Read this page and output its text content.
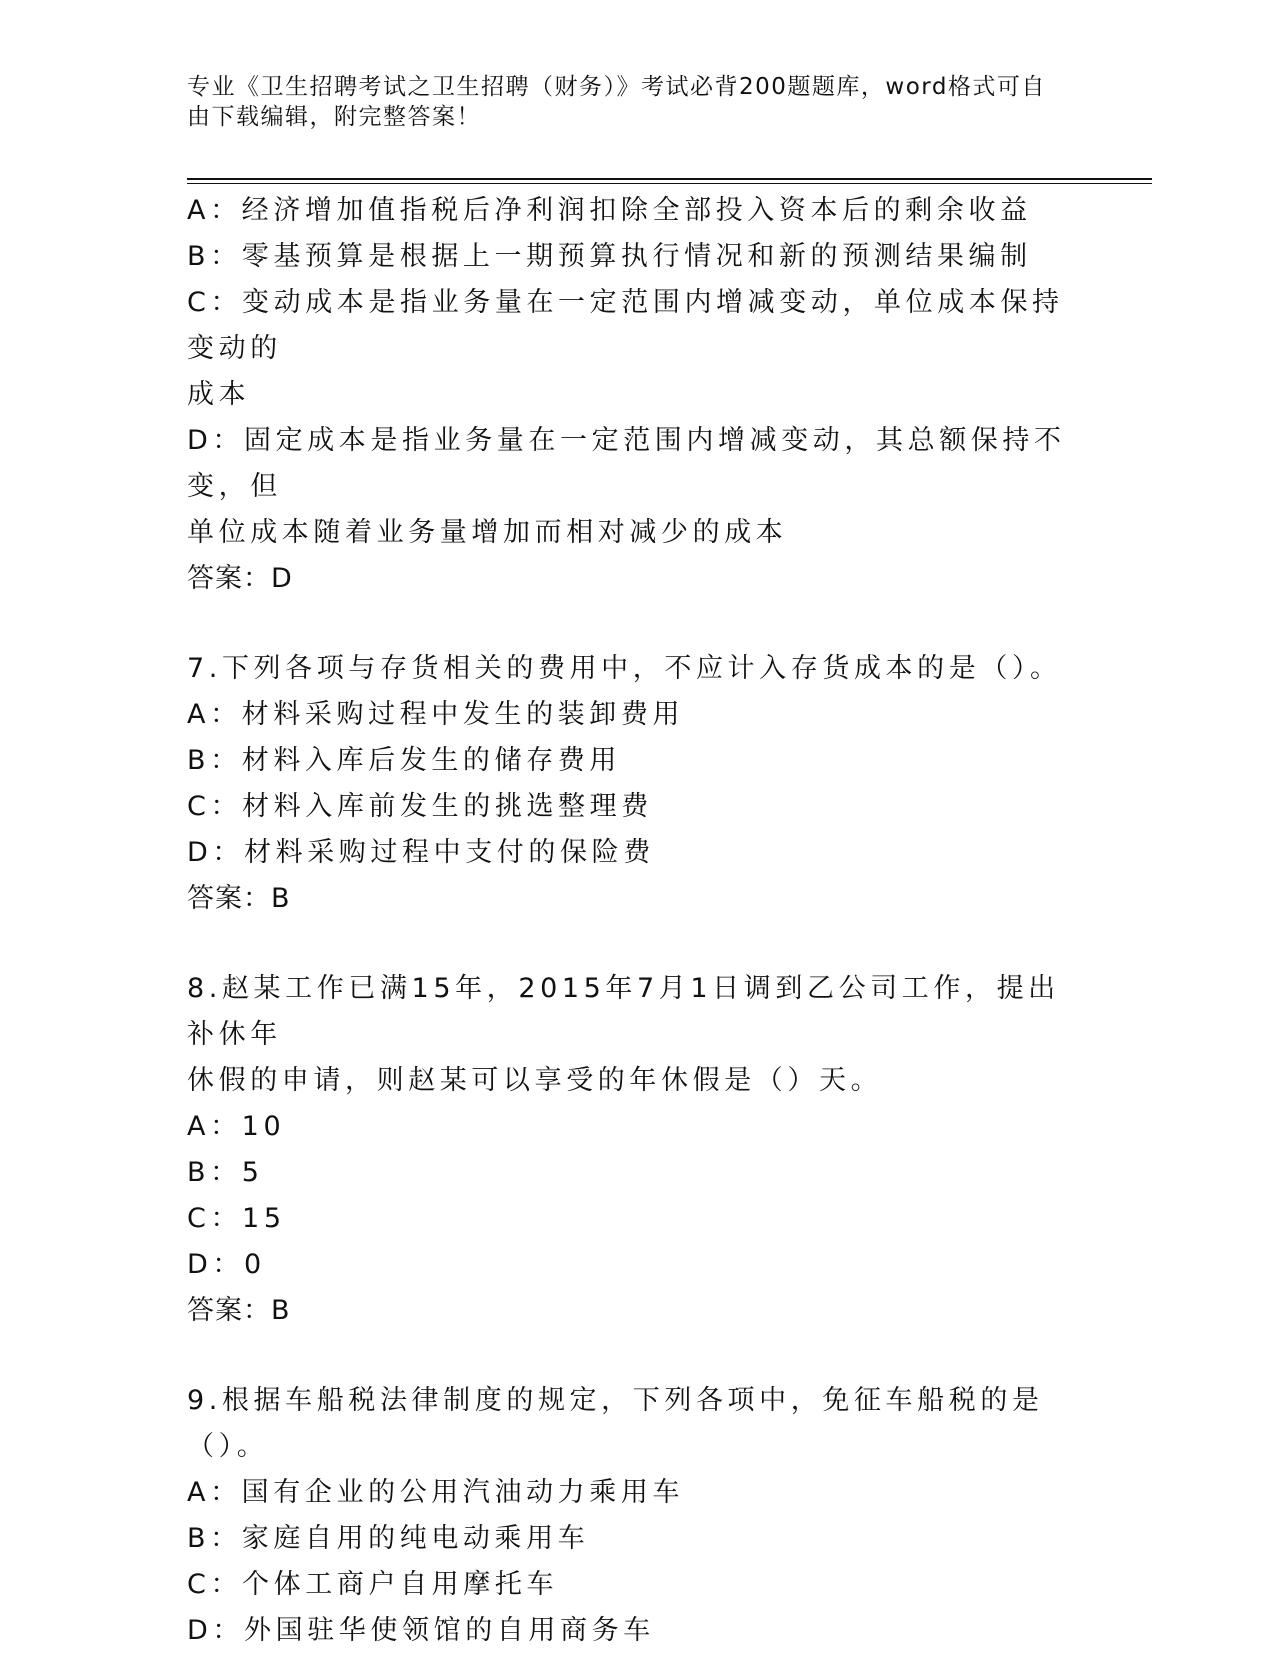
专业《卫生招聘考试之卫生招聘（财务）》考试必背200题题库，word格式可自
由下载编辑，附完整答案！
A：经济增加值指税后净利润扣除全部投入资本后的剩余收益
B：零基预算是根据上一期预算执行情况和新的预测结果编制
C：变动成本是指业务量在一定范围内增减变动，单位成本保持变动的
成本
D：固定成本是指业务量在一定范围内增减变动，其总额保持不变，但
单位成本随着业务量增加而相对减少的成本
答案：D
7.下列各项与存货相关的费用中，不应计入存货成本的是（）。
A：材料采购过程中发生的装卸费用
B：材料入库后发生的储存费用
C：材料入库前发生的挑选整理费
D：材料采购过程中支付的保险费
答案：B
8.赵某工作已满15年，2015年7月1日调到乙公司工作，提出补休年
休假的申请，则赵某可以享受的年休假是（）天。
A：10
B：5
C：15
D：0
答案：B
9.根据车船税法律制度的规定，下列各项中，免征车船税的是（）。
A：国有企业的公用汽油动力乘用车
B：家庭自用的纯电动乘用车
C：个体工商户自用摩托车
D：外国驻华使领馆的自用商务车
